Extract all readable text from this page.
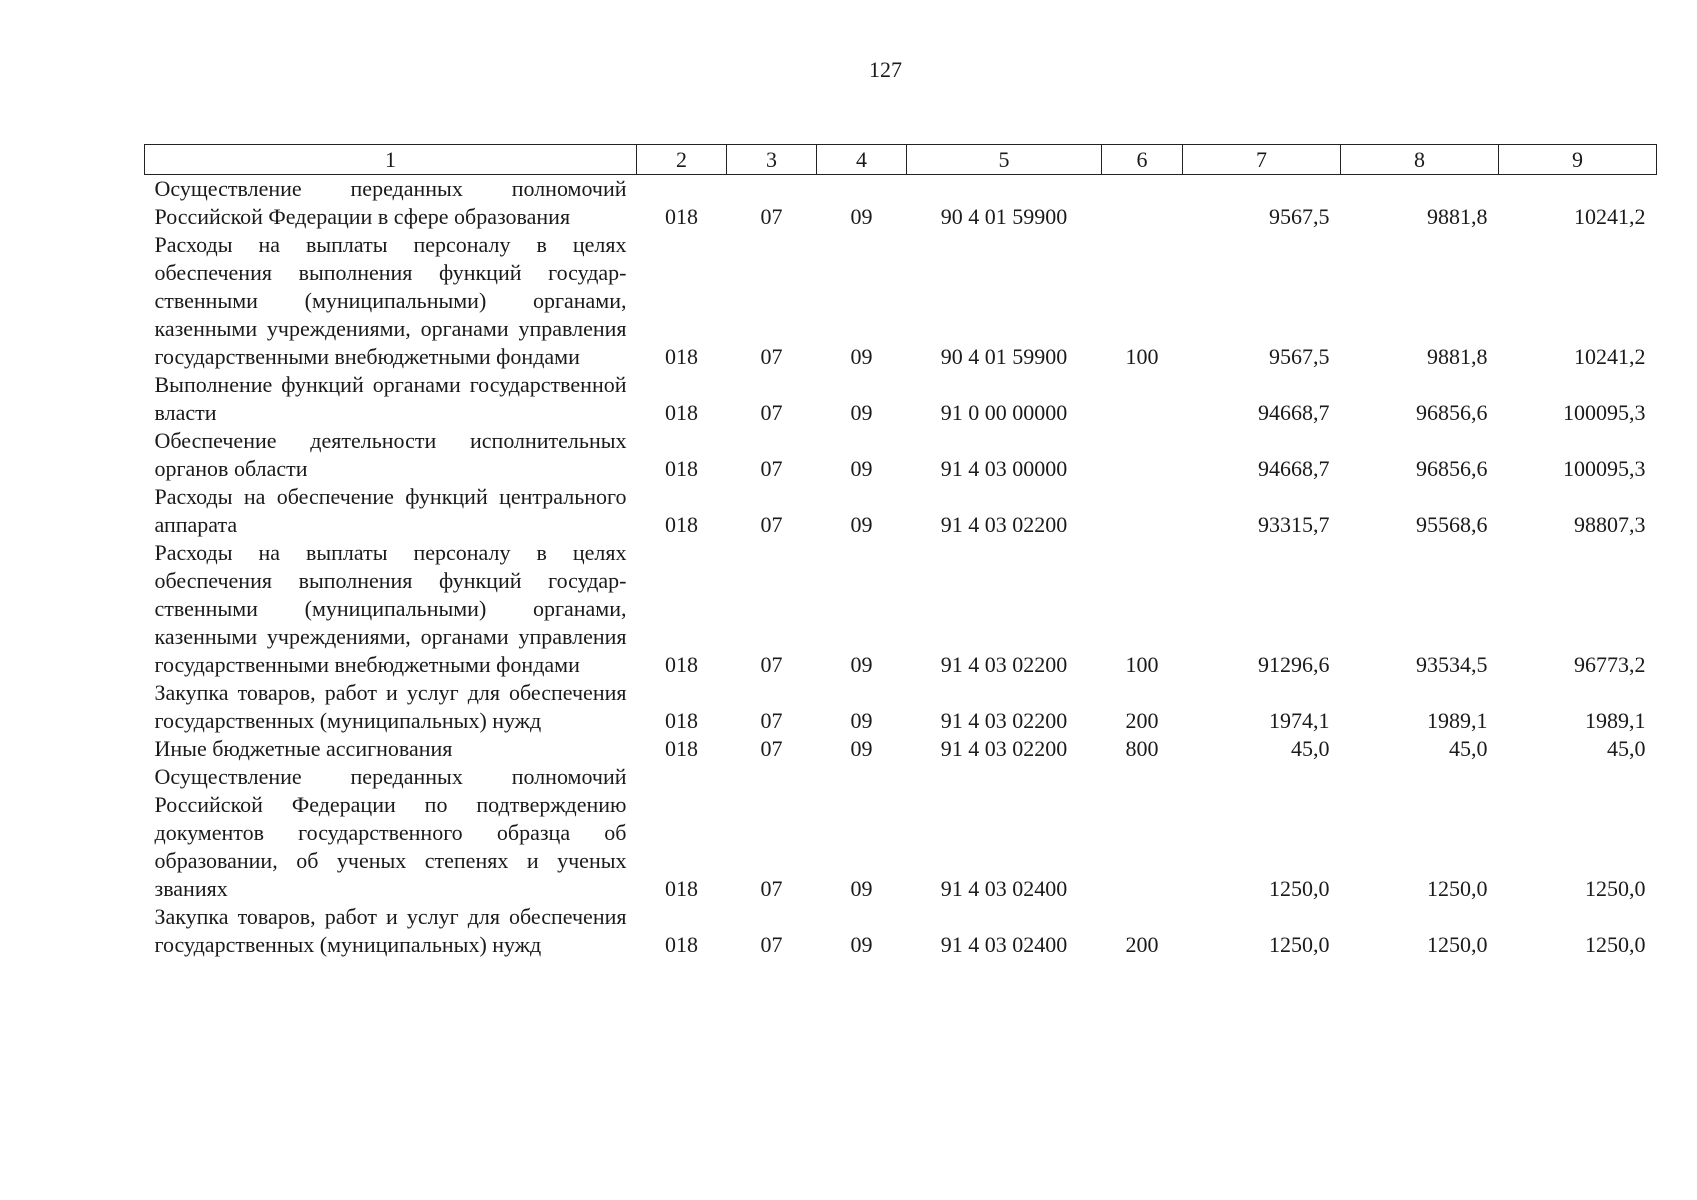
127
1	2	3	4	5	6	7	8	9
Осуществление переданных полномочий Российской Федерации в сфере образования	018	07	09	90 4 01 59900		9567,5	9881,8	10241,2
Расходы на выплаты персоналу в целях обеспечения выполнения функций государственными (муниципальными) органами, казенными учреждениями, органами управления государственными внебюджетными фондами	018	07	09	90 4 01 59900	100	9567,5	9881,8	10241,2
Выполнение функций органами государственной власти	018	07	09	91 0 00 00000		94668,7	96856,6	100095,3
Обеспечение деятельности исполнительных органов области	018	07	09	91 4 03 00000		94668,7	96856,6	100095,3
Расходы на обеспечение функций центрального аппарата	018	07	09	91 4 03 02200		93315,7	95568,6	98807,3
Расходы на выплаты персоналу в целях обеспечения выполнения функций государственными (муниципальными) органами, казенными учреждениями, органами управления государственными внебюджетными фондами	018	07	09	91 4 03 02200	100	91296,6	93534,5	96773,2
Закупка товаров, работ и услуг для обеспечения государственных (муниципальных) нужд	018	07	09	91 4 03 02200	200	1974,1	1989,1	1989,1
Иные бюджетные ассигнования	018	07	09	91 4 03 02200	800	45,0	45,0	45,0
Осуществление переданных полномочий Российской Федерации по подтверждению документов государственного образца об образовании, об ученых степенях и ученых званиях	018	07	09	91 4 03 02400		1250,0	1250,0	1250,0
Закупка товаров, работ и услуг для обеспечения государственных (муниципальных) нужд	018	07	09	91 4 03 02400	200	1250,0	1250,0	1250,0
